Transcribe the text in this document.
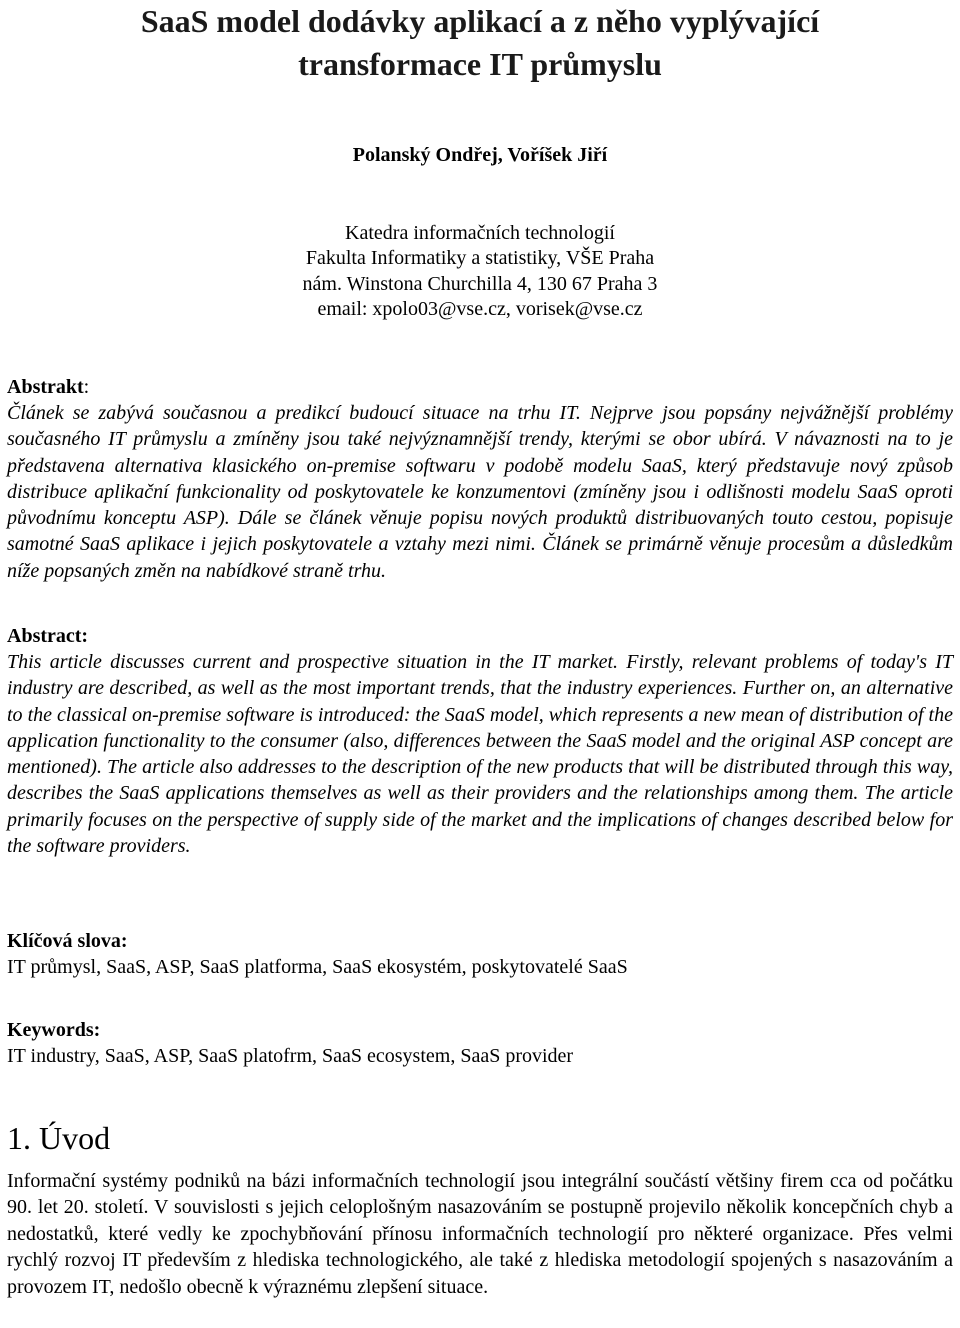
SaaS model dodávky aplikací a z něho vyplývající
transformace IT průmyslu
Polanský Ondřej, Voříšek Jiří
Katedra informačních technologií
Fakulta Informatiky a statistiky, VŠE Praha
nám. Winstona Churchilla 4, 130 67 Praha 3
email: xpolo03@vse.cz, vorisek@vse.cz
Abstrakt:
Článek se zabývá současnou a predikcí budoucí situace na trhu IT. Nejprve jsou popsány nejvážnější problémy současného IT průmyslu a zmíněny jsou také nejvýznamnější trendy, kterými se obor ubírá. V návaznosti na to je představena alternativa klasického on-premise softwaru v podobě modelu SaaS, který představuje nový způsob distribuce aplikační funkcionality od poskytovatele ke konzumentovi (zmíněny jsou i odlišnosti modelu SaaS oproti původnímu konceptu ASP). Dále se článek věnuje popisu nových produktů distribuovaných touto cestou, popisuje samotné SaaS aplikace i jejich poskytovatele a vztahy mezi nimi. Článek se primárně věnuje procesům a důsledkům níže popsaných změn na nabídkové straně trhu.
Abstract:
This article discusses current and prospective situation in the IT market. Firstly, relevant problems of today's IT industry are described, as well as the most important trends, that the industry experiences. Further on, an alternative to the classical on-premise software is introduced: the SaaS model, which represents a new mean of distribution of the application functionality to the consumer (also, differences between the SaaS model and the original ASP concept are mentioned). The article also addresses to the description of the new products that will be distributed through this way, describes the SaaS applications themselves as well as their providers and the relationships among them. The article primarily focuses on the perspective of supply side of the market and the implications of changes described below for the software providers.
Klíčová slova:
IT průmysl, SaaS, ASP, SaaS platforma, SaaS ekosystém, poskytovatelé SaaS
Keywords:
IT industry, SaaS, ASP, SaaS platofrm, SaaS ecosystem, SaaS provider
1. Úvod
Informační systémy podniků na bázi informačních technologií jsou integrální součástí většiny firem cca od počátku 90. let 20. století. V souvislosti s jejich celoplošným nasazováním se postupně projevilo několik koncepčních chyb a nedostatků, které vedly ke zpochybňování přínosu informačních technologií pro některé organizace. Přes velmi rychlý rozvoj IT především z hlediska technologického, ale také z hlediska metodologií spojených s nasazováním a provozem IT, nedošlo obecně k výraznému zlepšení situace.
